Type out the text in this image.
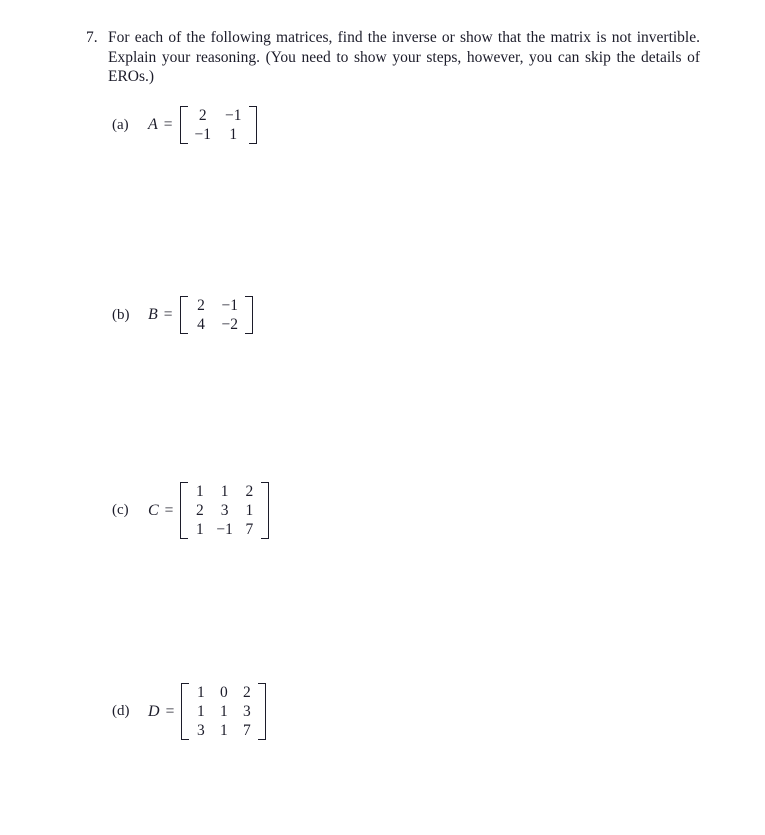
7. For each of the following matrices, find the inverse or show that the matrix is not invertible. Explain your reasoning. (You need to show your steps, however, you can skip the details of EROs.)
(a)	A =
2	−1
−1	1
(b)	B =
2	−1
4	−2
(c)	C =
1	1	2
2	3	1
1	−1	7
(d)	D =
1	0	2
1	1	3
3	1	7
